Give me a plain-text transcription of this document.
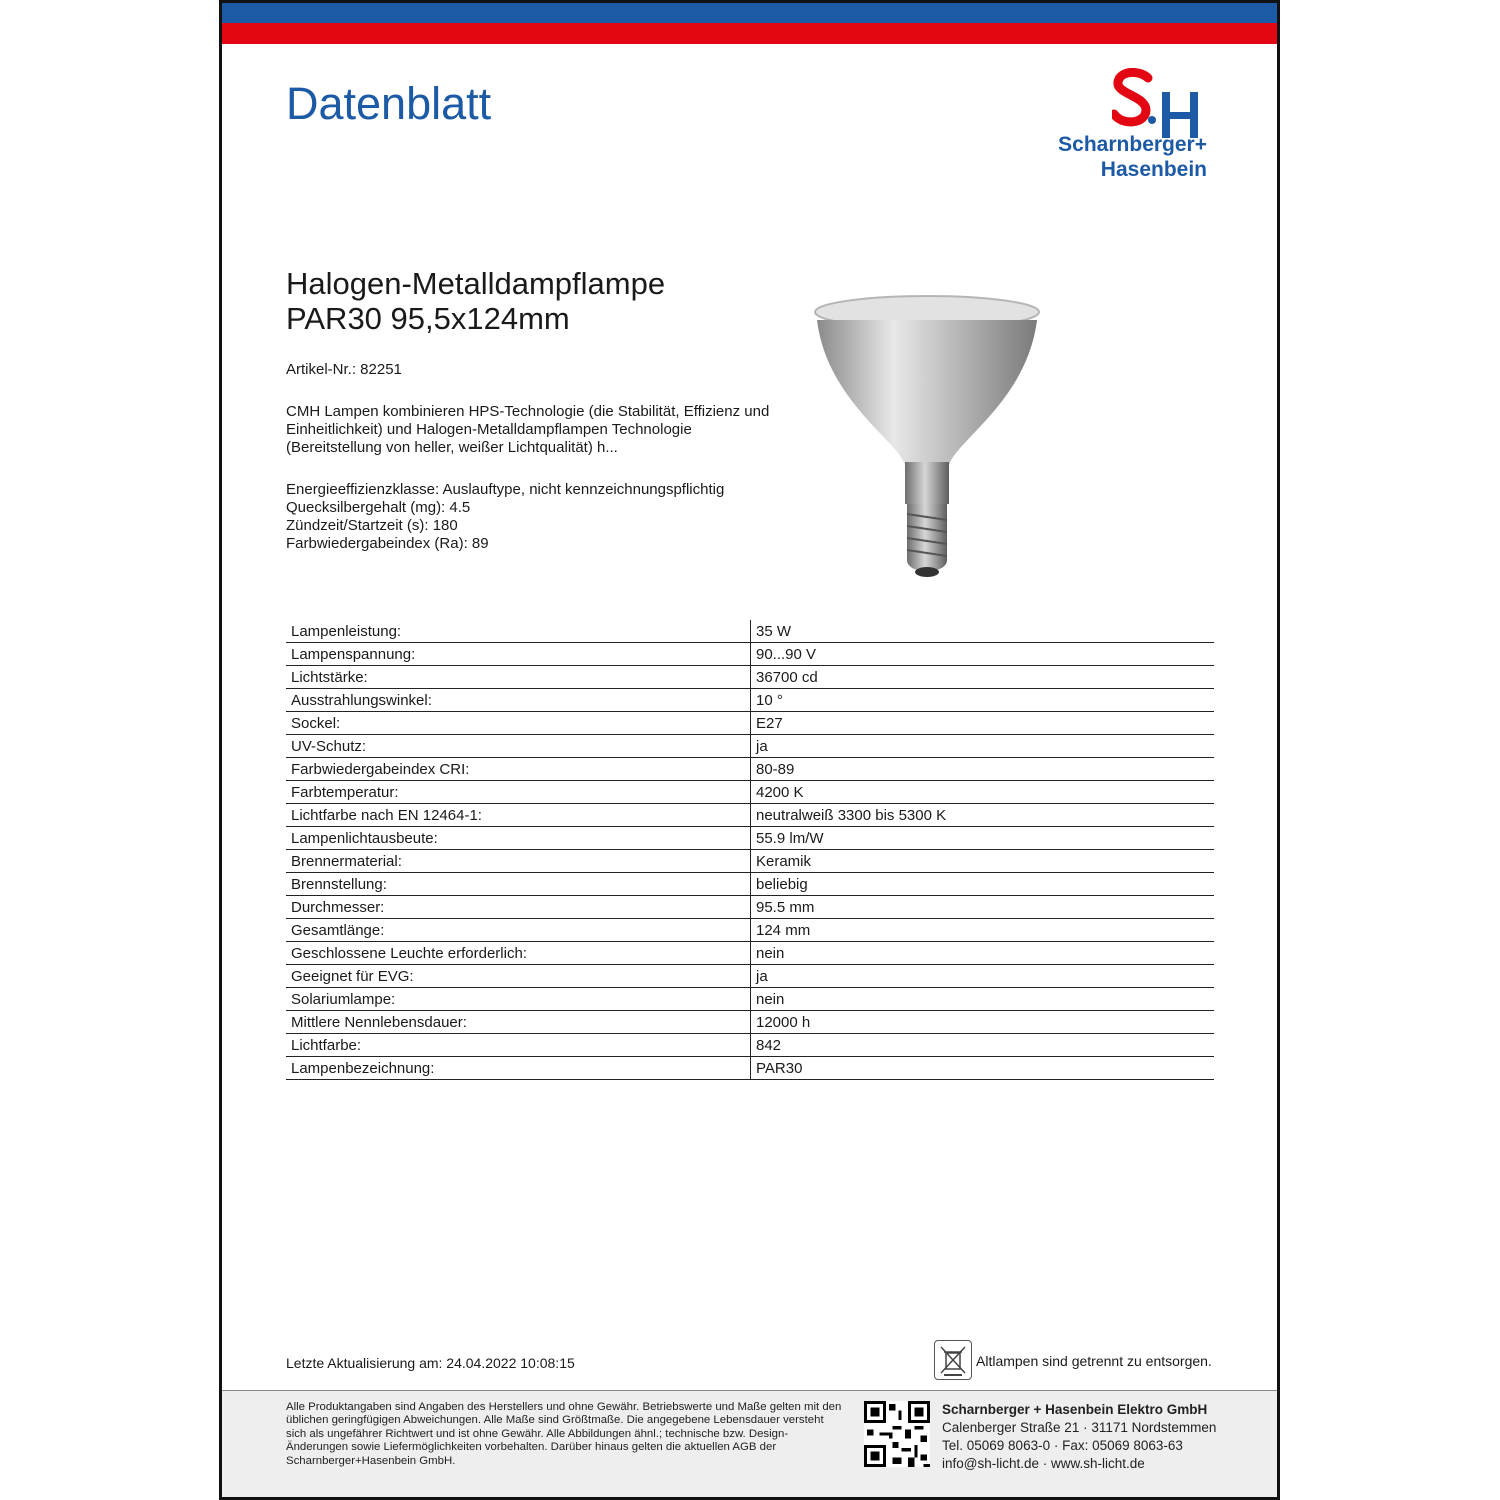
Datenblatt
Scharnberger+
Hasenbein
Halogen-Metalldampflampe
PAR30 95,5x124mm
Artikel-Nr.: 82251
CMH Lampen kombinieren HPS-Technologie (die Stabilität, Effizienz und Einheitlichkeit) und Halogen-Metalldampflampen Technologie (Bereitstellung von heller, weißer Lichtqualität) h...
Energieeffizienzklasse: Auslauftype, nicht kennzeichnungspflichtig
Quecksilbergehalt (mg): 4.5
Zündzeit/Startzeit (s): 180
Farbwiedergabeindex (Ra): 89
Lampenleistung:	35 W
Lampenspannung:	90...90 V
Lichtstärke:	36700 cd
Ausstrahlungswinkel:	10 °
Sockel:	E27
UV-Schutz:	ja
Farbwiedergabeindex CRI:	80-89
Farbtemperatur:	4200 K
Lichtfarbe nach EN 12464-1:	neutralweiß 3300 bis 5300 K
Lampenlichtausbeute:	55.9 lm/W
Brennermaterial:	Keramik
Brennstellung:	beliebig
Durchmesser:	95.5 mm
Gesamtlänge:	124 mm
Geschlossene Leuchte erforderlich:	nein
Geeignet für EVG:	ja
Solariumlampe:	nein
Mittlere Nennlebensdauer:	12000 h
Lichtfarbe:	842
Lampenbezeichnung:	PAR30
Letzte Aktualisierung am: 24.04.2022 10:08:15	Altlampen sind getrennt zu entsorgen.
Alle Produktangaben sind Angaben des Herstellers und ohne Gewähr. Betriebswerte und Maße gelten mit den üblichen geringfügigen Abweichungen. Alle Maße sind Größtmaße. Die angegebene Lebensdauer versteht sich als ungefährer Richtwert und ist ohne Gewähr. Alle Abbildungen ähnl.; technische bzw. Design-Änderungen sowie Liefermöglichkeiten vorbehalten. Darüber hinaus gelten die aktuellen AGB der Scharnberger+Hasenbein GmbH.
Scharnberger + Hasenbein Elektro GmbH
Calenberger Straße 21 · 31171 Nordstemmen
Tel. 05069 8063-0 · Fax: 05069 8063-63
info@sh-licht.de · www.sh-licht.de
